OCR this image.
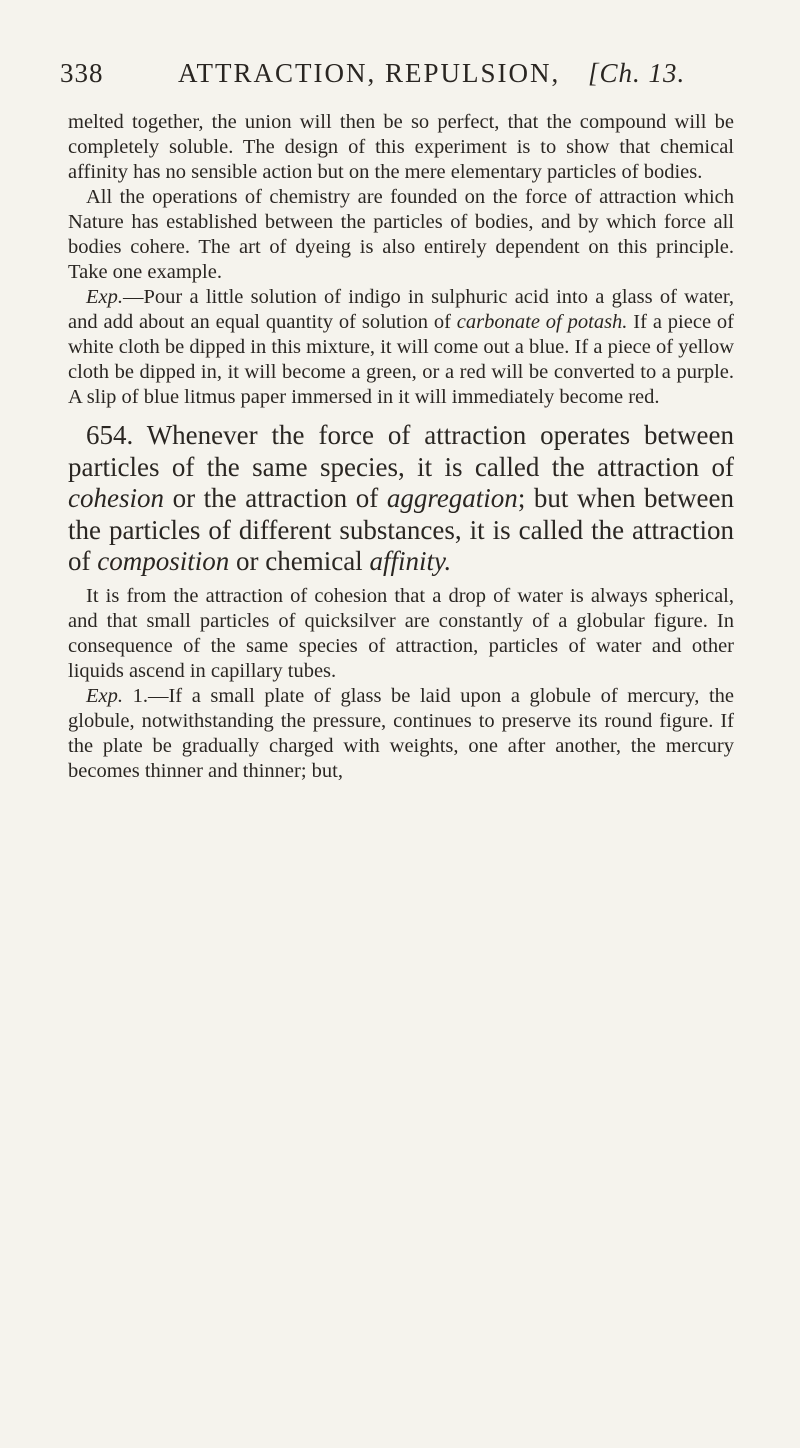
338	ATTRACTION, REPULSION, [Ch. 13.

melted together, the union will then be so perfect, that the compound will be completely soluble. The design of this experiment is to show that chemical affinity has no sensible action but on the mere elementary particles of bodies.

All the operations of chemistry are founded on the force of attraction which Nature has established between the particles of bodies, and by which force all bodies cohere. The art of dyeing is also entirely dependent on this principle. Take one example.

Exp.—Pour a little solution of indigo in sulphuric acid into a glass of water, and add about an equal quantity of solution of carbonate of potash. If a piece of white cloth be dipped in this mixture, it will come out a blue. If a piece of yellow cloth be dipped in, it will become a green, or a red will be converted to a purple. A slip of blue litmus paper immersed in it will immediately become red.

654. Whenever the force of attraction operates between particles of the same species, it is called the attraction of cohesion or the attraction of aggregation; but when between the particles of different substances, it is called the attraction of composition or chemical affinity.

It is from the attraction of cohesion that a drop of water is always spherical, and that small particles of quicksilver are constantly of a globular figure. In consequence of the same species of attraction, particles of water and other liquids ascend in capillary tubes.

Exp. 1.—If a small plate of glass be laid upon a globule of mercury, the globule, notwithstanding the pressure, continues to preserve its round figure. If the plate be gradually charged with weights, one after another, the mercury becomes thinner and thinner; but,
